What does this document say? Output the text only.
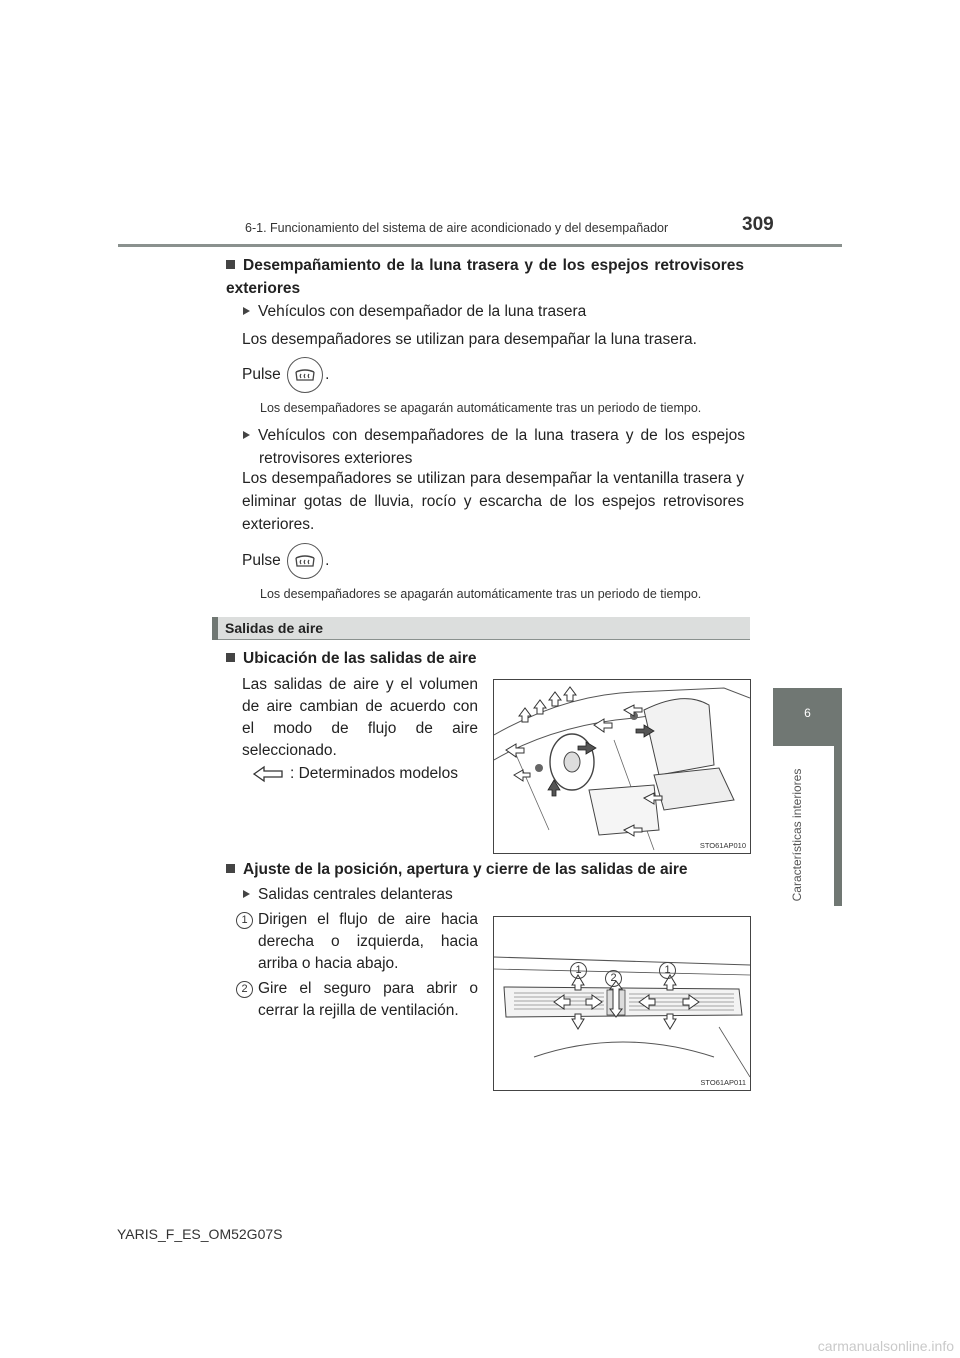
6-1. Funcionamiento del sistema de aire acondicionado y del desempañador	309
6
Características interiores
Desempañamiento de la luna trasera y de los espejos retrovisores exteriores
Vehículos con desempañador de la luna trasera
Los desempañadores se utilizan para desempañar la luna trasera.
Pulse	.
Los desempañadores se apagarán automáticamente tras un periodo de tiempo.
Vehículos con desempañadores de la luna trasera y de los espejos retrovisores exteriores
Los desempañadores se utilizan para desempañar la ventanilla trasera y eliminar gotas de lluvia, rocío y escarcha de los espejos retrovisores exteriores.
Pulse	.
Los desempañadores se apagarán automáticamente tras un periodo de tiempo.
Salidas de aire
Ubicación de las salidas de aire
Las salidas de aire y el volumen de aire cambian de acuerdo con el modo de flujo de aire seleccionado.
: Determinados modelos
STO61AP010
Ajuste de la posición, apertura y cierre de las salidas de aire
Salidas centrales delanteras
1 Dirigen el flujo de aire hacia derecha o izquierda, hacia arriba o hacia abajo.
2 Gire el seguro para abrir o cerrar la rejilla de ventilación.
1
2
1
STO61AP011
YARIS_F_ES_OM52G07S
carmanualsonline.info
